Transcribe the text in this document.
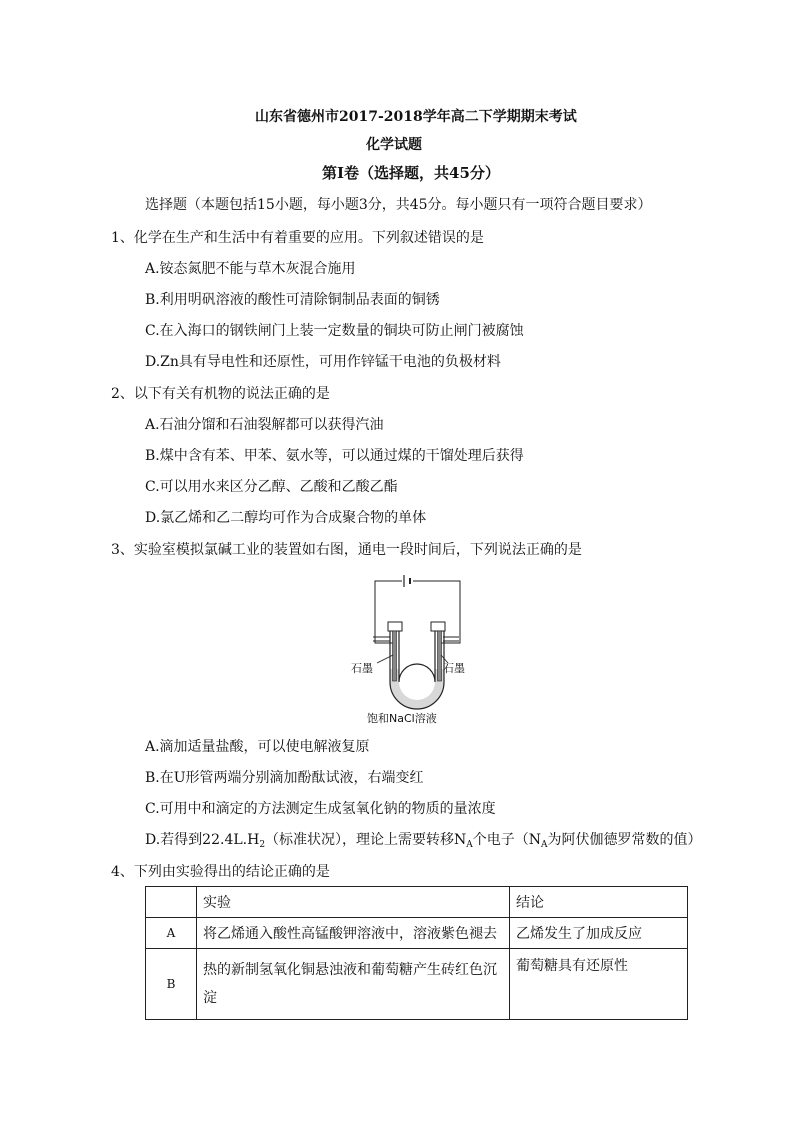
山东省德州市2017-2018学年高二下学期期末考试
化学试题
第Ⅰ卷（选择题，共45分）
选择题（本题包括15小题，每小题3分，共45分。每小题只有一项符合题目要求）
1、化学在生产和生活中有着重要的应用。下列叙述错误的是
A.铵态氮肥不能与草木灰混合施用
B.利用明矾溶液的酸性可清除铜制品表面的铜锈
C.在入海口的钢铁闸门上装一定数量的铜块可防止闸门被腐蚀
D.Zn具有导电性和还原性，可用作锌锰干电池的负极材料
2、以下有关有机物的说法正确的是
A.石油分馏和石油裂解都可以获得汽油
B.煤中含有苯、甲苯、氨水等，可以通过煤的干馏处理后获得
C.可以用水来区分乙醇、乙酸和乙酸乙酯
D.氯乙烯和乙二醇均可作为合成聚合物的单体
3、实验室模拟氯碱工业的装置如右图，通电一段时间后，下列说法正确的是
石墨	石墨
饱和NaCl溶液
A.滴加适量盐酸，可以使电解液复原
B.在U形管两端分别滴加酚酞试液，右端变红
C.可用中和滴定的方法测定生成氢氧化钠的物质的量浓度
D.若得到$22.4L.H_2$（标准状况），理论上需要转移$N_A$个电子（$N_A$为阿伏伽德罗常数的值）
4、下列由实验得出的结论正确的是
	实验	结论
A	将乙烯通入酸性高锰酸钾溶液中，溶液紫色褪去	乙烯发生了加成反应
B	热的新制氢氧化铜悬浊液和葡萄糖产生砖红色沉淀	葡萄糖具有还原性
